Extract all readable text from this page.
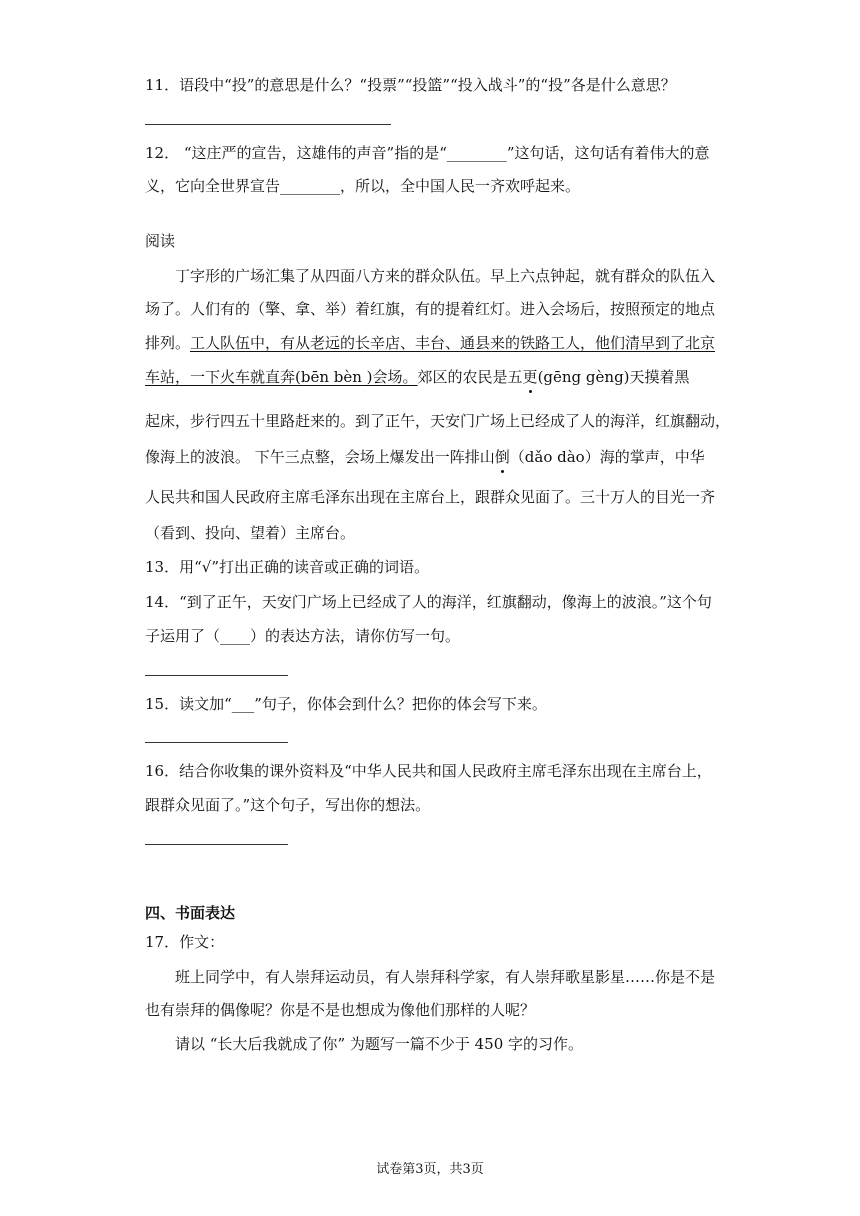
11．语段中“投”的意思是什么？“投票”“投篮”“投入战斗”的“投”各是什么意思？
12． “这庄严的宣告，这雄伟的声音”指的是“________”这句话，这句话有着伟大的意
义，它向全世界宣告________，所以，全中国人民一齐欢呼起来。
阅读
丁字形的广场汇集了从四面八方来的群众队伍。早上六点钟起，就有群众的队伍入
场了。人们有的（擎、拿、举）着红旗，有的提着红灯。进入会场后，按照预定的地点
排列。工人队伍中，有从老远的长辛店、丰台、通县来的铁路工人，他们清早到了北京
车站，一下火车就直奔(bēn bèn )会场。郊区的农民是五更(gēng gèng)天摸着黑
起床，步行四五十里路赶来的。到了正午，天安门广场上已经成了人的海洋，红旗翻动，
像海上的波浪。 下午三点整，会场上爆发出一阵排山倒（dǎo dào）海的掌声，中华
人民共和国人民政府主席毛泽东出现在主席台上，跟群众见面了。三十万人的目光一齐
（看到、投向、望着）主席台。
13．用“√”打出正确的读音或正确的词语。
14．“到了正午，天安门广场上已经成了人的海洋，红旗翻动，像海上的波浪。”这个句
子运用了（____）的表达方法，请你仿写一句。
15．读文加“___”句子，你体会到什么？把你的体会写下来。
16．结合你收集的课外资料及“中华人民共和国人民政府主席毛泽东出现在主席台上，
跟群众见面了。”这个句子，写出你的想法。
四、书面表达
17．作文：
班上同学中，有人崇拜运动员，有人崇拜科学家，有人崇拜歌星影星……你是不是
也有崇拜的偶像呢？你是不是也想成为像他们那样的人呢？
请以 “长大后我就成了你” 为题写一篇不少于 450 字的习作。
试卷第3页，共3页
